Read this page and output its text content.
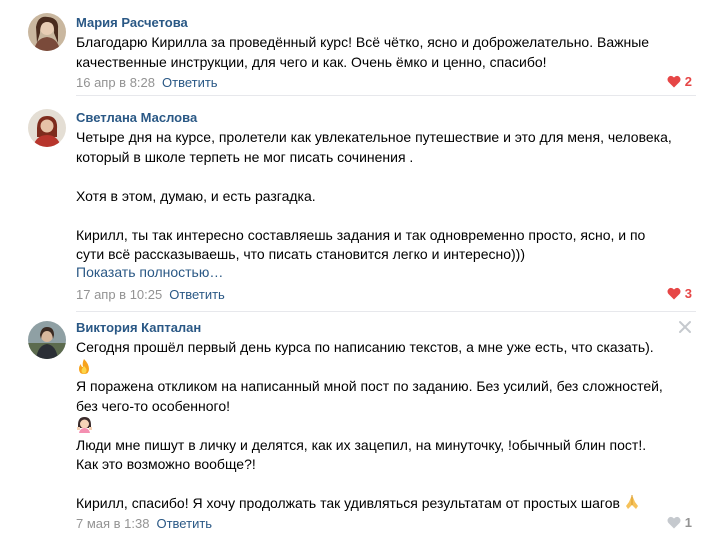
Мария Расчетова
Благодарю Кирилла за проведённый курс! Всё чётко, ясно и доброжелательно. Важные
качественные инструкции, для чего и как. Очень ёмко и ценно, спасибо!
16 апр в 8:28 Ответить	2
Светлана Маслова
Четыре дня на курсе, пролетели как увлекательное путешествие и это для меня, человека,
который в школе терпеть не мог писать сочинения .
Хотя в этом, думаю, и есть разгадка.
Кирилл, ты так интересно составляешь задания и так одновременно просто, ясно, и по
сути всё рассказываешь, что писать становится легко и интересно)))
Показать полностью…
17 апр в 10:25 Ответить	3
Виктория Капталан
Сегодня прошёл первый день курса по написанию текстов, а мне уже есть, что сказать).
Я поражена откликом на написанный мной пост по заданию. Без усилий, без сложностей,
без чего-то особенного!
Люди мне пишут в личку и делятся, как их зацепил, на минуточку, !обычный блин пост!.
Как это возможно вообще?!
Кирилл, спасибо! Я хочу продолжать так удивляться результатам от простых шагов
7 мая в 1:38 Ответить	1
